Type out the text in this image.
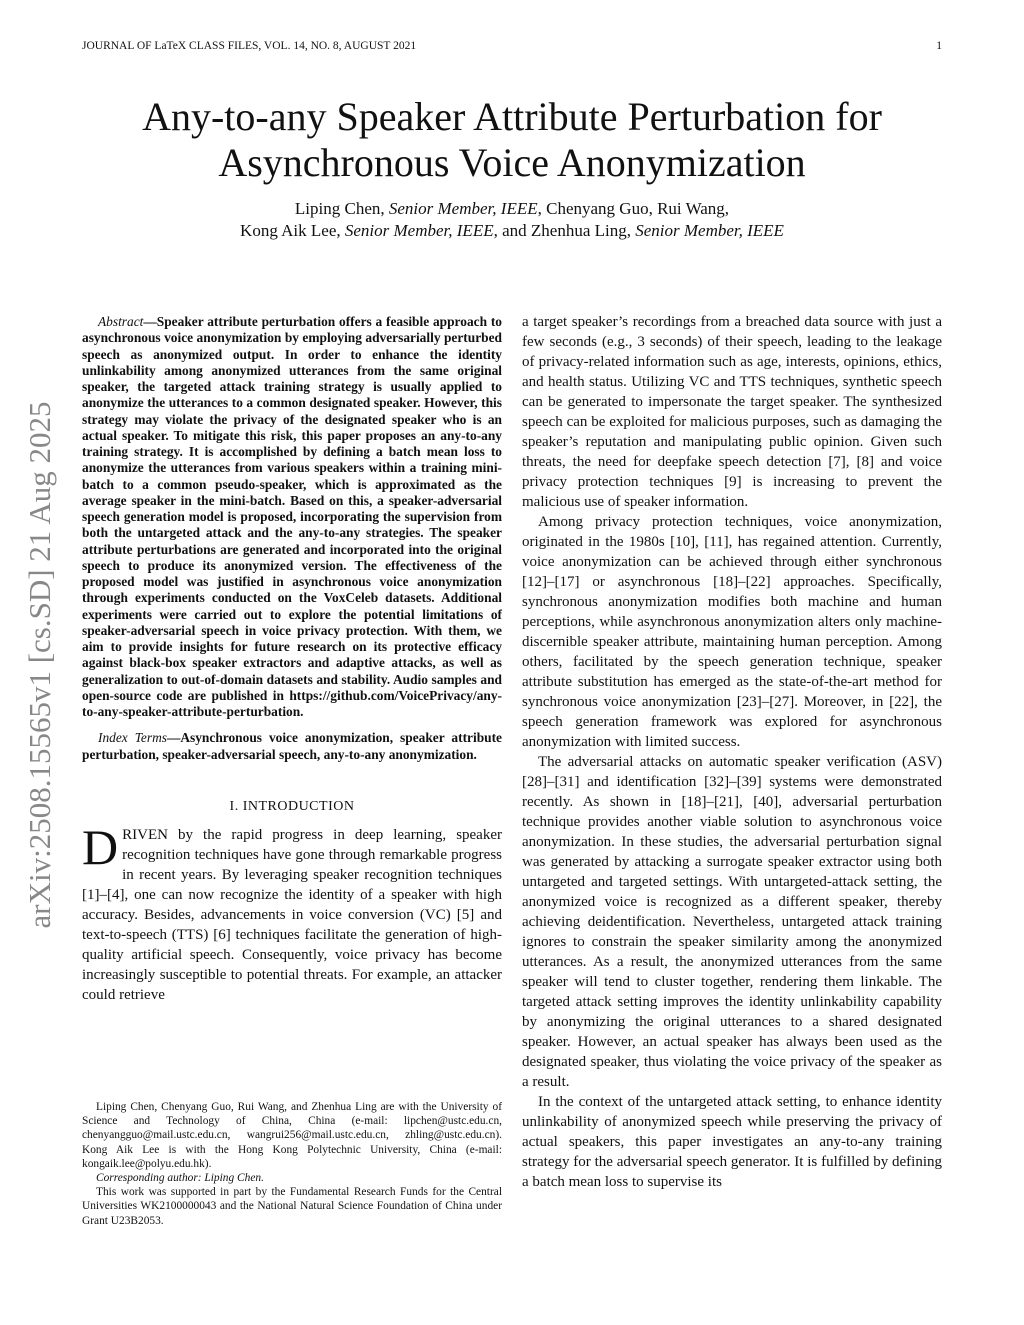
JOURNAL OF LaTeX CLASS FILES, VOL. 14, NO. 8, AUGUST 2021	1
Any-to-any Speaker Attribute Perturbation for Asynchronous Voice Anonymization
Liping Chen, Senior Member, IEEE, Chenyang Guo, Rui Wang,
Kong Aik Lee, Senior Member, IEEE, and Zhenhua Ling, Senior Member, IEEE
arXiv:2508.15565v1 [cs.SD] 21 Aug 2025

Abstract—Speaker attribute perturbation offers a feasible approach to asynchronous voice anonymization by employing adversarially perturbed speech as anonymized output. In order to enhance the identity unlinkability among anonymized utterances from the same original speaker, the targeted attack training strategy is usually applied to anonymize the utterances to a common designated speaker. However, this strategy may violate the privacy of the designated speaker who is an actual speaker. To mitigate this risk, this paper proposes an any-to-any training strategy. It is accomplished by defining a batch mean loss to anonymize the utterances from various speakers within a training mini-batch to a common pseudo-speaker, which is approximated as the average speaker in the mini-batch. Based on this, a speaker-adversarial speech generation model is proposed, incorporating the supervision from both the untargeted attack and the any-to-any strategies. The speaker attribute perturbations are generated and incorporated into the original speech to produce its anonymized version. The effectiveness of the proposed model was justified in asynchronous voice anonymization through experiments conducted on the VoxCeleb datasets. Additional experiments were carried out to explore the potential limitations of speaker-adversarial speech in voice privacy protection. With them, we aim to provide insights for future research on its protective efficacy against black-box speaker extractors and adaptive attacks, as well as generalization to out-of-domain datasets and stability. Audio samples and open-source code are published in https://github.com/VoicePrivacy/any-to-any-speaker-attribute-perturbation.

Index Terms—Asynchronous voice anonymization, speaker attribute perturbation, speaker-adversarial speech, any-to-any anonymization.

I. INTRODUCTION

DRIVEN by the rapid progress in deep learning, speaker recognition techniques have gone through remarkable progress in recent years. By leveraging speaker recognition techniques [1]–[4], one can now recognize the identity of a speaker with high accuracy. Besides, advancements in voice conversion (VC) [5] and text-to-speech (TTS) [6] techniques facilitate the generation of high-quality artificial speech. Consequently, voice privacy has become increasingly susceptible to potential threats. For example, an attacker could retrieve

Liping Chen, Chenyang Guo, Rui Wang, and Zhenhua Ling are with the University of Science and Technology of China, China (e-mail: lipchen@ustc.edu.cn, chenyangguo@mail.ustc.edu.cn, wangrui256@mail.ustc.edu.cn, zhling@ustc.edu.cn). Kong Aik Lee is with the Hong Kong Polytechnic University, China (e-mail: kongaik.lee@polyu.edu.hk).

Corresponding author: Liping Chen.

This work was supported in part by the Fundamental Research Funds for the Central Universities WK2100000043 and the National Natural Science Foundation of China under Grant U23B2053.

a target speaker’s recordings from a breached data source with just a few seconds (e.g., 3 seconds) of their speech, leading to the leakage of privacy-related information such as age, interests, opinions, ethics, and health status. Utilizing VC and TTS techniques, synthetic speech can be generated to impersonate the target speaker. The synthesized speech can be exploited for malicious purposes, such as damaging the speaker’s reputation and manipulating public opinion. Given such threats, the need for deepfake speech detection [7], [8] and voice privacy protection techniques [9] is increasing to prevent the malicious use of speaker information.

Among privacy protection techniques, voice anonymization, originated in the 1980s [10], [11], has regained attention. Currently, voice anonymization can be achieved through either synchronous [12]–[17] or asynchronous [18]–[22] approaches. Specifically, synchronous anonymization modifies both machine and human perceptions, while asynchronous anonymization alters only machine-discernible speaker attribute, maintaining human perception. Among others, facilitated by the speech generation technique, speaker attribute substitution has emerged as the state-of-the-art method for synchronous voice anonymization [23]–[27]. Moreover, in [22], the speech generation framework was explored for asynchronous anonymization with limited success.

The adversarial attacks on automatic speaker verification (ASV) [28]–[31] and identification [32]–[39] systems were demonstrated recently. As shown in [18]–[21], [40], adversarial perturbation technique provides another viable solution to asynchronous voice anonymization. In these studies, the adversarial perturbation signal was generated by attacking a surrogate speaker extractor using both untargeted and targeted settings. With untargeted-attack setting, the anonymized voice is recognized as a different speaker, thereby achieving deidentification. Nevertheless, untargeted attack training ignores to constrain the speaker similarity among the anonymized utterances. As a result, the anonymized utterances from the same speaker will tend to cluster together, rendering them linkable. The targeted attack setting improves the identity unlinkability capability by anonymizing the original utterances to a shared designated speaker. However, an actual speaker has always been used as the designated speaker, thus violating the voice privacy of the speaker as a result.

In the context of the untargeted attack setting, to enhance identity unlinkability of anonymized speech while preserving the privacy of actual speakers, this paper investigates an any-to-any training strategy for the adversarial speech generator. It is fulfilled by defining a batch mean loss to supervise its
